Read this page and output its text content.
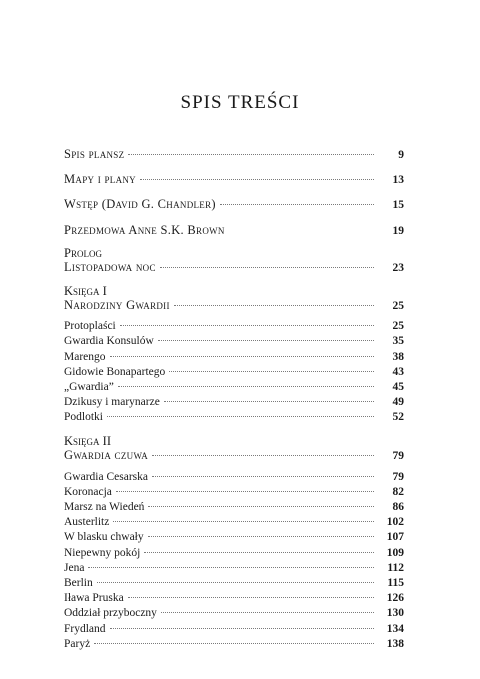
SPIS TREŚCI
Spis plansz	9
Mapy i plany	13
Wstęp (David G. Chandler)	15
Przedmowa Anne S.K. Brown	19
Prolog
Listopadowa noc	23
Księga I
Narodziny Gwardii	25
Protoplaści	25
Gwardia Konsulów	35
Marengo	38
Gidowie Bonapartego	43
„Gwardia”	45
Dzikusy i marynarze	49
Podlotki	52
Księga II
Gwardia czuwa	79
Gwardia Cesarska	79
Koronacja	82
Marsz na Wiedeń	86
Austerlitz	102
W blasku chwały	107
Niepewny pokój	109
Jena	112
Berlin	115
Iława Pruska	126
Oddział przyboczny	130
Frydland	134
Paryż	138
